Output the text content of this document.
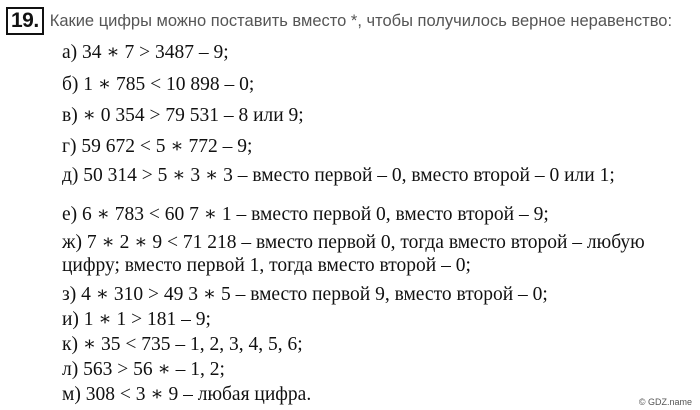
19. Какие цифры можно поставить вместо *, чтобы получилось верное неравенство:
а) 34 ∗ 7 > 3487 – 9;
б) 1 ∗ 785 < 10 898 – 0;
в) ∗ 0 354 > 79 531 – 8 или 9;
г) 59 672 < 5 ∗ 772 – 9;
д) 50 314 > 5 ∗ 3 ∗ 3 – вместо первой – 0, вместо второй – 0 или 1;
е) 6 ∗ 783 < 60 7 ∗ 1 – вместо первой 0, вместо второй – 9;
ж) 7 ∗ 2 ∗ 9 < 71 218 – вместо первой 0, тогда вместо второй – любую
цифру; вместо первой 1, тогда вместо второй – 0;
з) 4 ∗ 310 > 49 3 ∗ 5 – вместо первой 9, вместо второй – 0;
и) 1 ∗ 1 > 181 – 9;
к) ∗ 35 < 735 – 1, 2, 3, 4, 5, 6;
л) 563 > 56 ∗ – 1, 2;
м) 308 < 3 ∗ 9 – любая цифра.	© GDZ.name
